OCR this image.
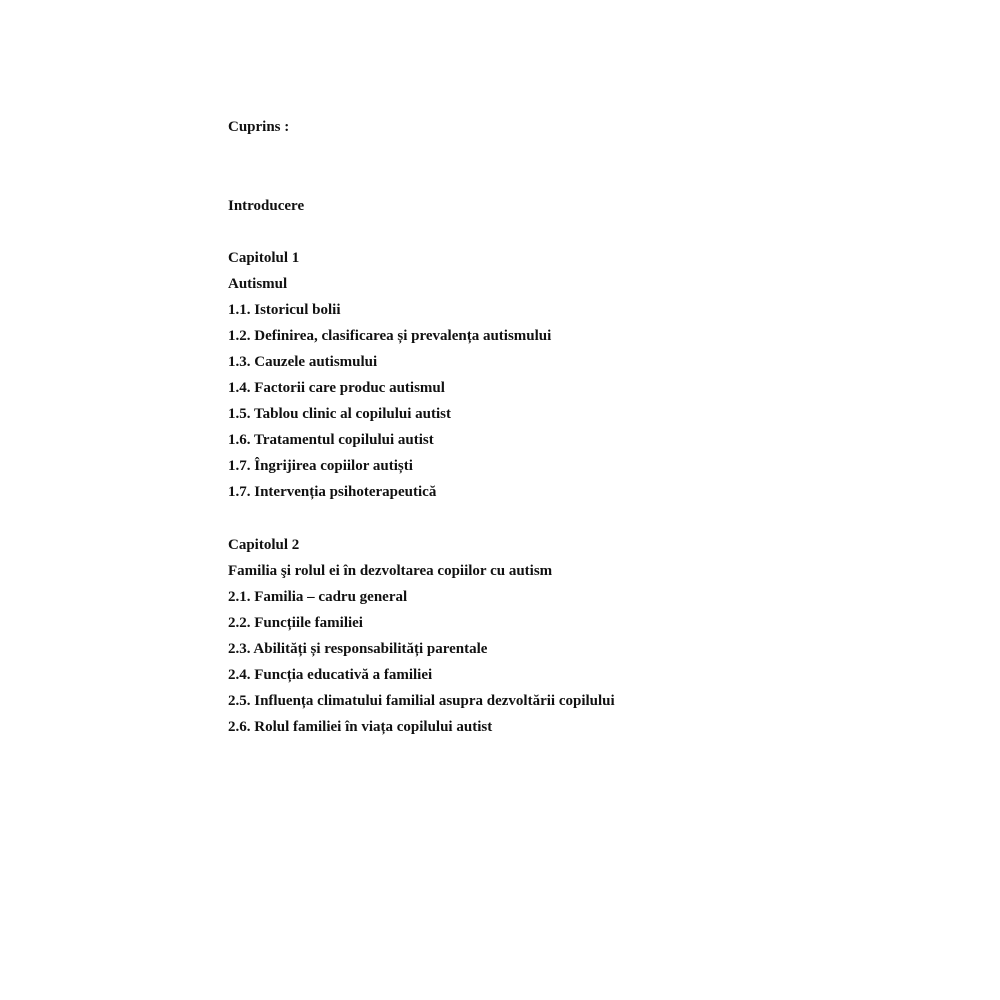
Cuprins :

Introducere

Capitolul 1

Autismul

1.1. Istoricul bolii

1.2. Definirea, clasificarea și prevalența autismului

1.3. Cauzele autismului

1.4. Factorii care produc autismul

1.5. Tablou clinic al copilului autist

1.6. Tratamentul copilului autist

1.7. Îngrijirea copiilor autiști

1.7. Intervenția psihoterapeutică

Capitolul 2

Familia şi rolul ei în dezvoltarea copiilor cu autism

2.1. Familia – cadru general

2.2. Funcțiile familiei

2.3. Abilități și responsabilități parentale

2.4. Funcția educativă a familiei

2.5. Influența climatului familial asupra dezvoltării copilului

2.6. Rolul familiei în viața copilului autist
